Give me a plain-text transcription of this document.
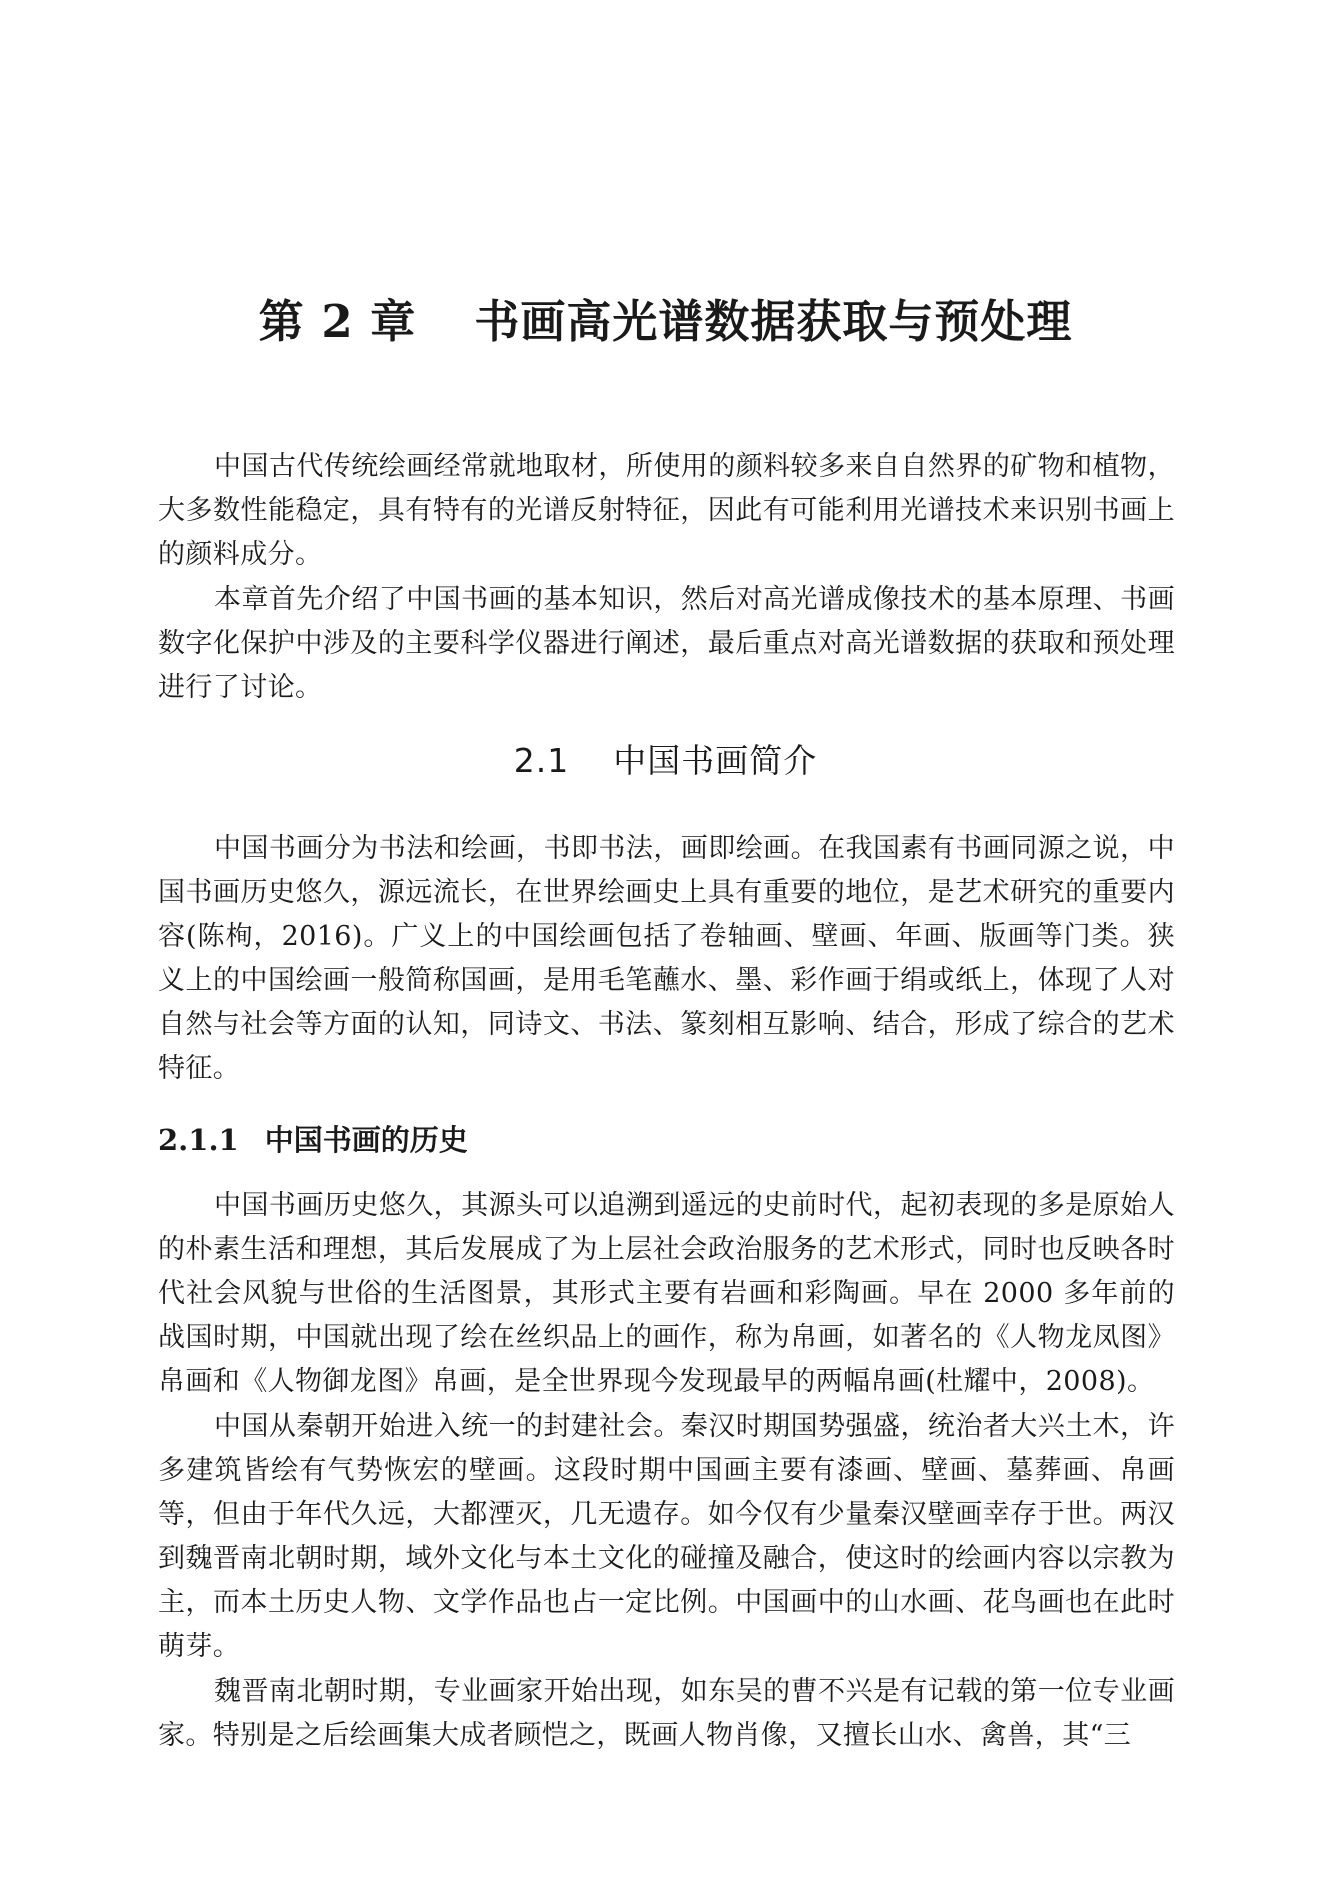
第 2 章 书画高光谱数据获取与预处理

中国古代传统绘画经常就地取材，所使用的颜料较多来自自然界的矿物和植物，大多数性能稳定，具有特有的光谱反射特征，因此有可能利用光谱技术来识别书画上的颜料成分。

本章首先介绍了中国书画的基本知识，然后对高光谱成像技术的基本原理、书画数字化保护中涉及的主要科学仪器进行阐述，最后重点对高光谱数据的获取和预处理进行了讨论。

2.1 中国书画简介

中国书画分为书法和绘画，书即书法，画即绘画。在我国素有书画同源之说，中国书画历史悠久，源远流长，在世界绘画史上具有重要的地位，是艺术研究的重要内容(陈栒，2016)。广义上的中国绘画包括了卷轴画、壁画、年画、版画等门类。狭义上的中国绘画一般简称国画，是用毛笔蘸水、墨、彩作画于绢或纸上，体现了人对自然与社会等方面的认知，同诗文、书法、篆刻相互影响、结合，形成了综合的艺术特征。

2.1.1 中国书画的历史

中国书画历史悠久，其源头可以追溯到遥远的史前时代，起初表现的多是原始人的朴素生活和理想，其后发展成了为上层社会政治服务的艺术形式，同时也反映各时代社会风貌与世俗的生活图景，其形式主要有岩画和彩陶画。早在 2000 多年前的战国时期，中国就出现了绘在丝织品上的画作，称为帛画，如著名的《人物龙凤图》帛画和《人物御龙图》帛画，是全世界现今发现最早的两幅帛画(杜耀中，2008)。

中国从秦朝开始进入统一的封建社会。秦汉时期国势强盛，统治者大兴土木，许多建筑皆绘有气势恢宏的壁画。这段时期中国画主要有漆画、壁画、墓葬画、帛画等，但由于年代久远，大都湮灭，几无遗存。如今仅有少量秦汉壁画幸存于世。两汉到魏晋南北朝时期，域外文化与本土文化的碰撞及融合，使这时的绘画内容以宗教为主，而本土历史人物、文学作品也占一定比例。中国画中的山水画、花鸟画也在此时萌芽。

魏晋南北朝时期，专业画家开始出现，如东吴的曹不兴是有记载的第一位专业画家。特别是之后绘画集大成者顾恺之，既画人物肖像，又擅长山水、禽兽，其“三
